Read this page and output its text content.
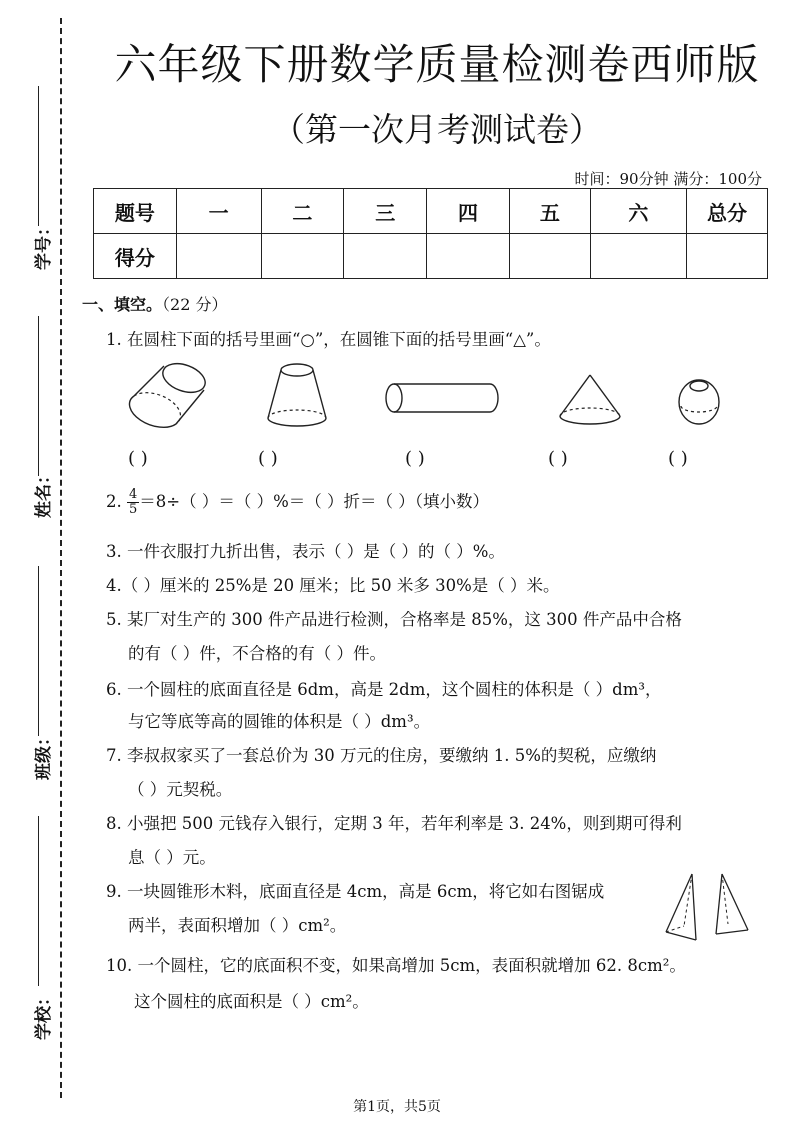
学号：
姓名：
班级：
学校：
六年级下册数学质量检测卷西师版
（第一次月考测试卷）
时间：90分钟 满分：100分
题号	一	二	三	四	五	六	总分
得分							
一、填空。（22 分）
1. 在圆柱下面的括号里画“○”，在圆锥下面的括号里画“△”。
( )	( )	( )	( )	( )
2. $\frac{4}{5} =8\div$（ ）＝（ ）%＝（ ）折＝（ ）（填小数）
3. 一件衣服打九折出售，表示（ ）是（ ）的（ ）%。
4.（ ）厘米的 25%是 20 厘米；比 50 米多 30%是（ ）米。
5. 某厂对生产的 300 件产品进行检测，合格率是 85%，这 300 件产品中合格
的有（ ）件，不合格的有（ ）件。
6. 一个圆柱的底面直径是 6dm，高是 2dm，这个圆柱的体积是（ ）dm³，
与它等底等高的圆锥的体积是（ ）dm³。
7. 李叔叔家买了一套总价为 30 万元的住房，要缴纳 1. 5%的契税，应缴纳
（ ）元契税。
8. 小强把 500 元钱存入银行，定期 3 年，若年利率是 3. 24%，则到期可得利
息（ ）元。
9. 一块圆锥形木料，底面直径是 4cm，高是 6cm，将它如右图锯成
两半，表面积增加（ ）cm²。
10. 一个圆柱，它的底面积不变，如果高增加 5cm，表面积就增加 62. 8cm²。
这个圆柱的底面积是（ ）cm²。
第1页，共5页
